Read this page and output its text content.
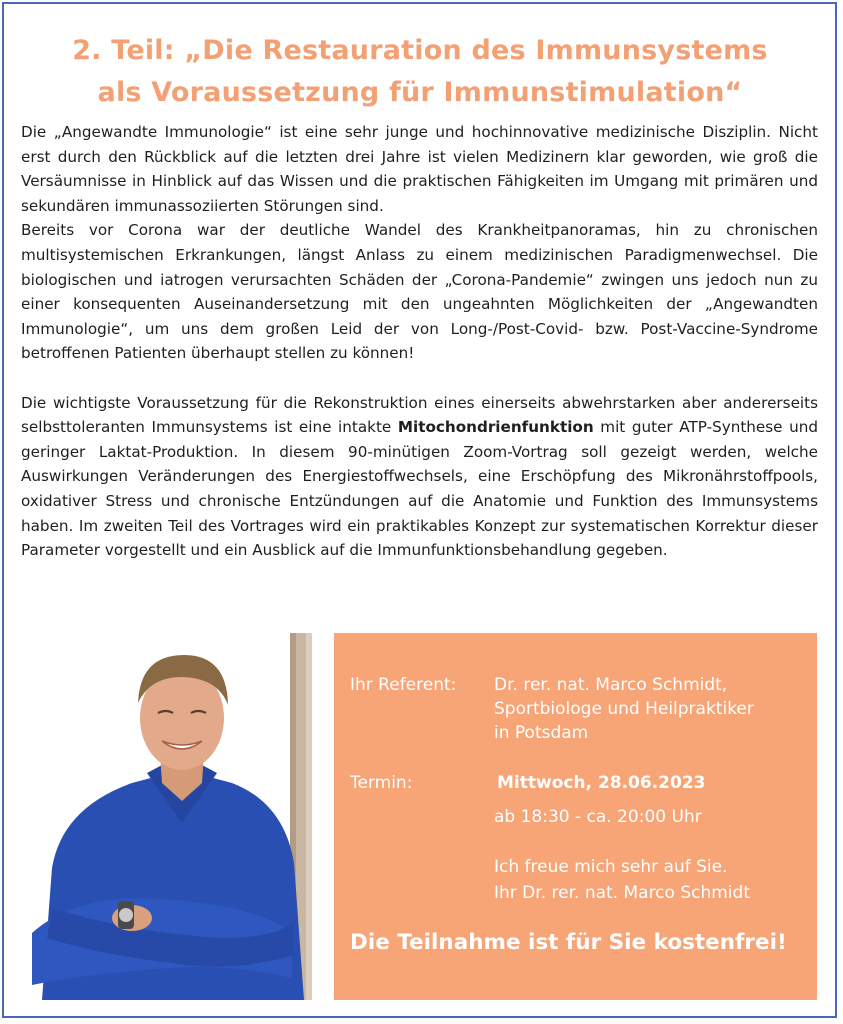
2. Teil: „Die Restauration des Immunsystems
als Voraussetzung für Immunstimulation“

Die „Angewandte Immunologie“ ist eine sehr junge und hochinnovative medizinische Disziplin. Nicht erst durch den Rückblick auf die letzten drei Jahre ist vielen Medizinern klar geworden, wie groß die Versäumnisse in Hinblick auf das Wissen und die praktischen Fähigkeiten im Umgang mit primären und sekundären immunassoziierten Störungen sind.

Bereits vor Corona war der deutliche Wandel des Krankheitpanoramas, hin zu chronischen multisystemischen Erkrankungen, längst Anlass zu einem medizinischen Paradigmenwechsel. Die biologischen und iatrogen verursachten Schäden der „Corona-Pandemie“ zwingen uns jedoch nun zu einer konsequenten Auseinandersetzung mit den ungeahnten Möglichkeiten der „Angewandten Immunologie“, um uns dem großen Leid der von Long-/Post-Covid- bzw. Post-Vaccine-Syndrome betroffenen Patienten überhaupt stellen zu können!

Die wichtigste Voraussetzung für die Rekonstruktion eines einerseits abwehrstarken aber andererseits selbsttoleranten Immunsystems ist eine intakte Mitochondrienfunktion mit guter ATP-Synthese und geringer Laktat-Produktion. In diesem 90-minütigen Zoom-Vortrag soll gezeigt werden, welche Auswirkungen Veränderungen des Energiestoffwechsels, eine Erschöpfung des Mikronährstoffpools, oxidativer Stress und chronische Entzündungen auf die Anatomie und Funktion des Immunsystems haben. Im zweiten Teil des Vortrages wird ein praktikables Konzept zur systematischen Korrektur dieser Parameter vorgestellt und ein Ausblick auf die Immunfunktionsbehandlung gegeben.

Ihr Referent: Dr. rer. nat. Marco Schmidt,
Sportbiologe und Heilpraktiker
in Potsdam
Termin:	Mittwoch, 28.06.2023
ab 18:30 - ca. 20:00 Uhr
Ich freue mich sehr auf Sie.
Ihr Dr. rer. nat. Marco Schmidt
Die Teilnahme ist für Sie kostenfrei!
